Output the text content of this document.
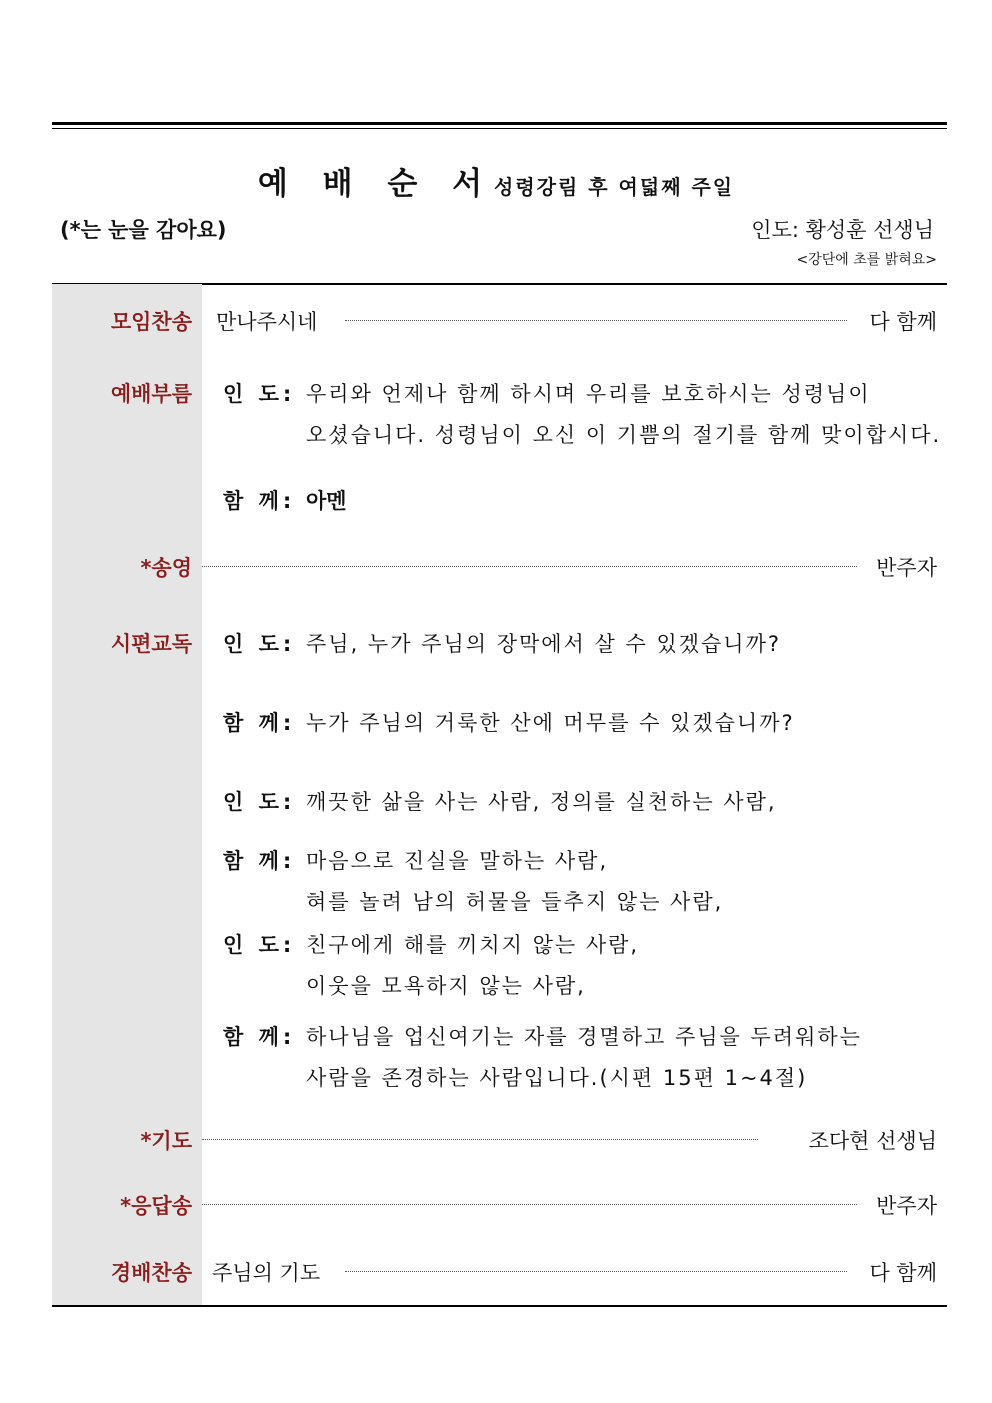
예 배 순 서성령강림 후 여덟째 주일
(*는 눈을 감아요)	인도: 황성훈 선생님
<강단에 초를 밝혀요>
모임찬송 만나주시네	다 함께
예배부름 인 도: 우리와 언제나 함께 하시며 우리를 보호하시는 성령님이
오셨습니다. 성령님이 오신 이 기쁨의 절기를 함께 맞이합시다.
함 께: 아멘
*송영	반주자
시편교독 인 도: 주님, 누가 주님의 장막에서 살 수 있겠습니까?
함 께: 누가 주님의 거룩한 산에 머무를 수 있겠습니까?
인 도: 깨끗한 삶을 사는 사람, 정의를 실천하는 사람,
함 께: 마음으로 진실을 말하는 사람,
혀를 놀려 남의 허물을 들추지 않는 사람,
인 도: 친구에게 해를 끼치지 않는 사람,
이웃을 모욕하지 않는 사람,
함 께: 하나님을 업신여기는 자를 경멸하고 주님을 두려워하는
사람을 존경하는 사람입니다.(시편 15편 1~4절)
*기도	조다현 선생님
*응답송	반주자
경배찬송 주님의 기도	다 함께
